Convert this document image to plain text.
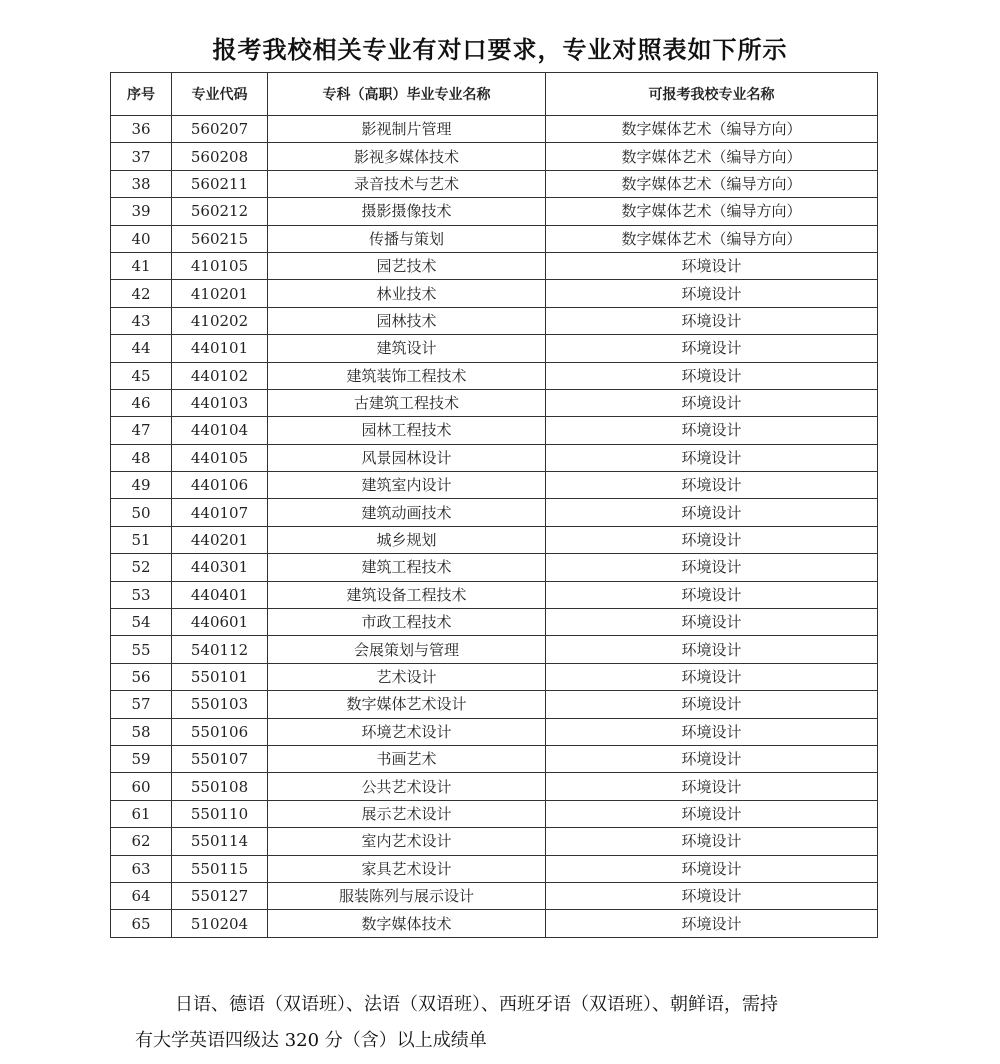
报考我校相关专业有对口要求，专业对照表如下所示
序号	专业代码	专科（高职）毕业专业名称	可报考我校专业名称
36	560207	影视制片管理	数字媒体艺术（编导方向）
37	560208	影视多媒体技术	数字媒体艺术（编导方向）
38	560211	录音技术与艺术	数字媒体艺术（编导方向）
39	560212	摄影摄像技术	数字媒体艺术（编导方向）
40	560215	传播与策划	数字媒体艺术（编导方向）
41	410105	园艺技术	环境设计
42	410201	林业技术	环境设计
43	410202	园林技术	环境设计
44	440101	建筑设计	环境设计
45	440102	建筑装饰工程技术	环境设计
46	440103	古建筑工程技术	环境设计
47	440104	园林工程技术	环境设计
48	440105	风景园林设计	环境设计
49	440106	建筑室内设计	环境设计
50	440107	建筑动画技术	环境设计
51	440201	城乡规划	环境设计
52	440301	建筑工程技术	环境设计
53	440401	建筑设备工程技术	环境设计
54	440601	市政工程技术	环境设计
55	540112	会展策划与管理	环境设计
56	550101	艺术设计	环境设计
57	550103	数字媒体艺术设计	环境设计
58	550106	环境艺术设计	环境设计
59	550107	书画艺术	环境设计
60	550108	公共艺术设计	环境设计
61	550110	展示艺术设计	环境设计
62	550114	室内艺术设计	环境设计
63	550115	家具艺术设计	环境设计
64	550127	服装陈列与展示设计	环境设计
65	510204	数字媒体技术	环境设计
日语、德语（双语班）、法语（双语班）、西班牙语（双语班）、朝鲜语，需持
有大学英语四级达 320 分（含）以上成绩单
